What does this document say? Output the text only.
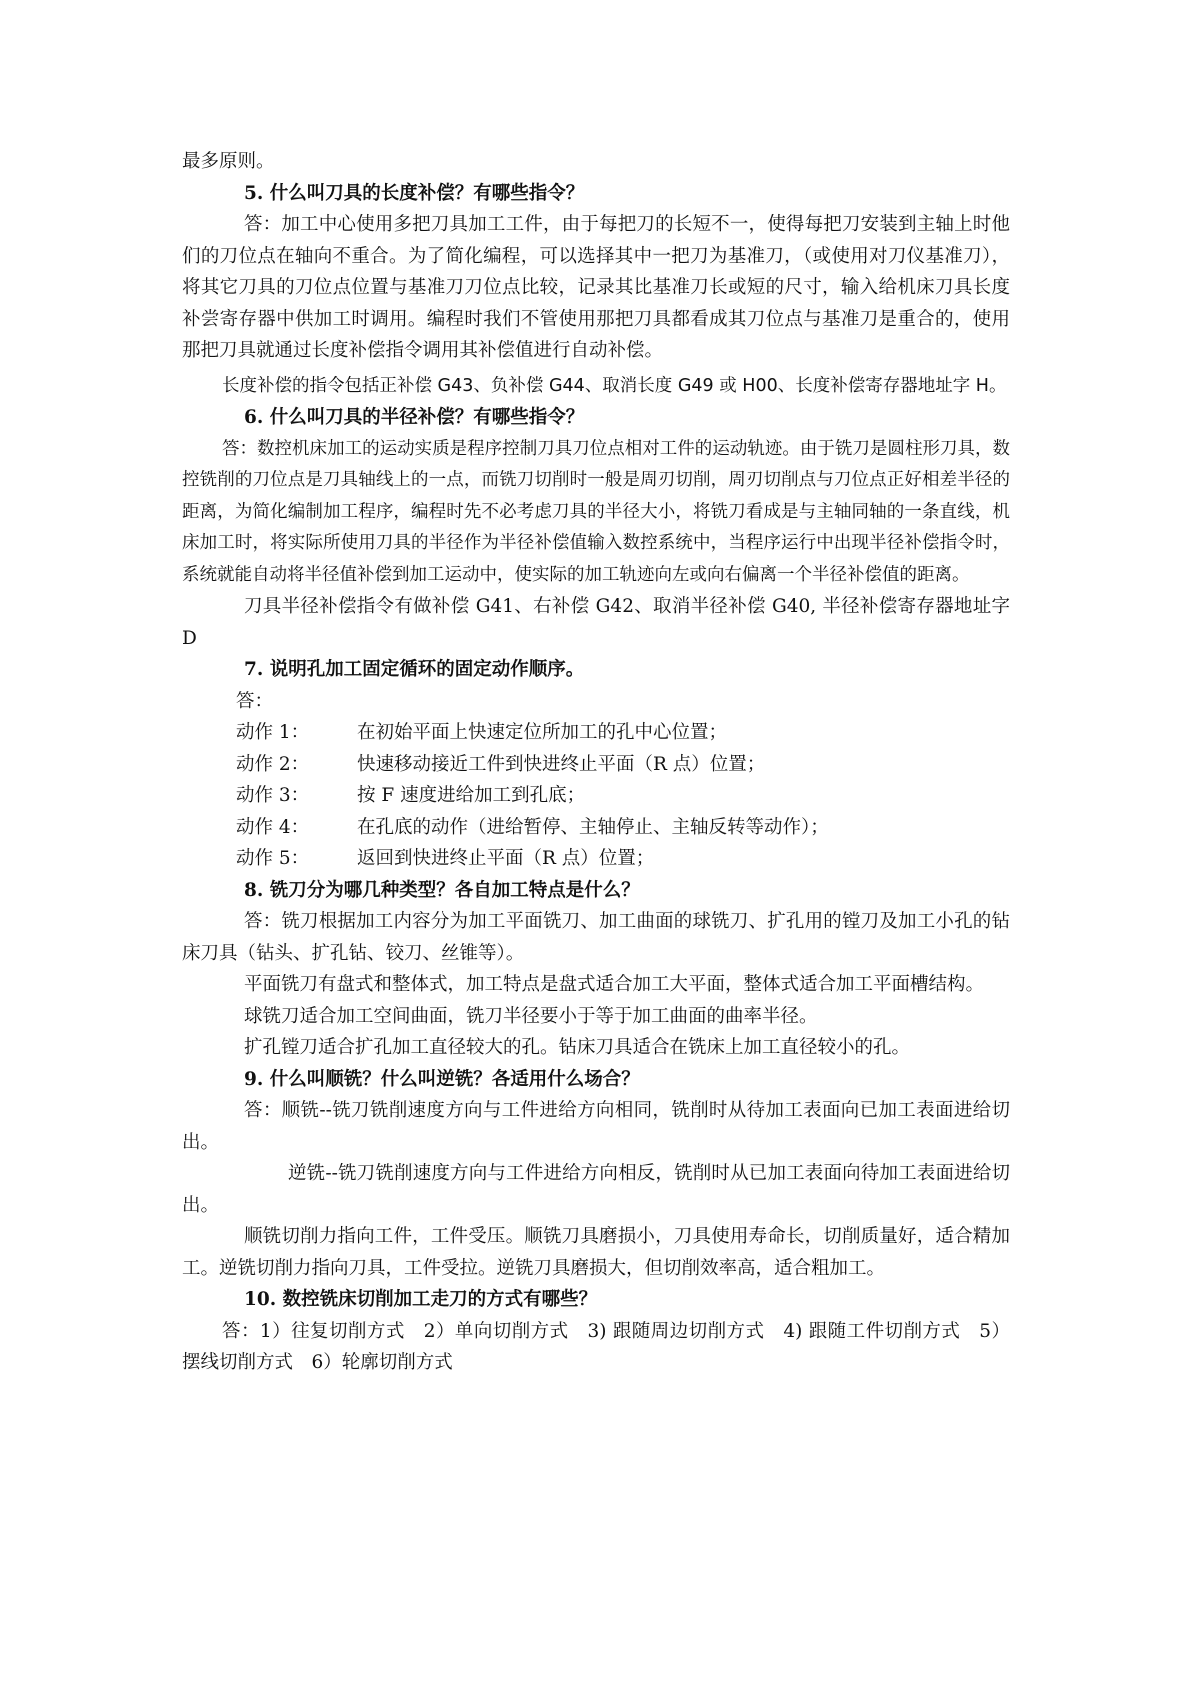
最多原则。

5. 什么叫刀具的长度补偿？有哪些指令？

答：加工中心使用多把刀具加工工件，由于每把刀的长短不一，使得每把刀安装到主轴上时他们的刀位点在轴向不重合。为了简化编程，可以选择其中一把刀为基准刀，（或使用对刀仪基准刀），将其它刀具的刀位点位置与基准刀刀位点比较，记录其比基准刀长或短的尺寸，输入给机床刀具长度补尝寄存器中供加工时调用。编程时我们不管使用那把刀具都看成其刀位点与基准刀是重合的，使用那把刀具就通过长度补偿指令调用其补偿值进行自动补偿。

长度补偿的指令包括正补偿 G43、负补偿 G44、取消长度 G49 或 H00、长度补偿寄存器地址字 H。

6. 什么叫刀具的半径补偿？有哪些指令？

答：数控机床加工的运动实质是程序控制刀具刀位点相对工件的运动轨迹。由于铣刀是圆柱形刀具，数控铣削的刀位点是刀具轴线上的一点，而铣刀切削时一般是周刃切削，周刃切削点与刀位点正好相差半径的距离，为简化编制加工程序，编程时先不必考虑刀具的半径大小，将铣刀看成是与主轴同轴的一条直线，机床加工时，将实际所使用刀具的半径作为半径补偿值输入数控系统中，当程序运行中出现半径补偿指令时，系统就能自动将半径值补偿到加工运动中，使实际的加工轨迹向左或向右偏离一个半径补偿值的距离。

刀具半径补偿指令有做补偿 G41、右补偿 G42、取消半径补偿 G40, 半径补偿寄存器地址字 D

7. 说明孔加工固定循环的固定动作顺序。

答：

动作 1：	在初始平面上快速定位所加工的孔中心位置；
动作 2：	快速移动接近工件到快进终止平面（R 点）位置；
动作 3：	按 F 速度进给加工到孔底；
动作 4：	在孔底的动作（进给暂停、主轴停止、主轴反转等动作）；
动作 5：	返回到快进终止平面（R 点）位置；

8. 铣刀分为哪几种类型？各自加工特点是什么？

答：铣刀根据加工内容分为加工平面铣刀、加工曲面的球铣刀、扩孔用的镗刀及加工小孔的钻床刀具（钻头、扩孔钻、铰刀、丝锥等）。

平面铣刀有盘式和整体式，加工特点是盘式适合加工大平面，整体式适合加工平面槽结构。

球铣刀适合加工空间曲面，铣刀半径要小于等于加工曲面的曲率半径。

扩孔镗刀适合扩孔加工直径较大的孔。钻床刀具适合在铣床上加工直径较小的孔。

9. 什么叫顺铣？什么叫逆铣？各适用什么场合？

答：顺铣--铣刀铣削速度方向与工件进给方向相同，铣削时从待加工表面向已加工表面进给切出。

逆铣--铣刀铣削速度方向与工件进给方向相反，铣削时从已加工表面向待加工表面进给切出。

顺铣切削力指向工件，工件受压。顺铣刀具磨损小，刀具使用寿命长，切削质量好，适合精加工。逆铣切削力指向刀具，工件受拉。逆铣刀具磨损大，但切削效率高，适合粗加工。

10. 数控铣床切削加工走刀的方式有哪些？

答：1）往复切削方式　2）单向切削方式　3) 跟随周边切削方式　4) 跟随工件切削方式　5）摆线切削方式　6）轮廓切削方式
